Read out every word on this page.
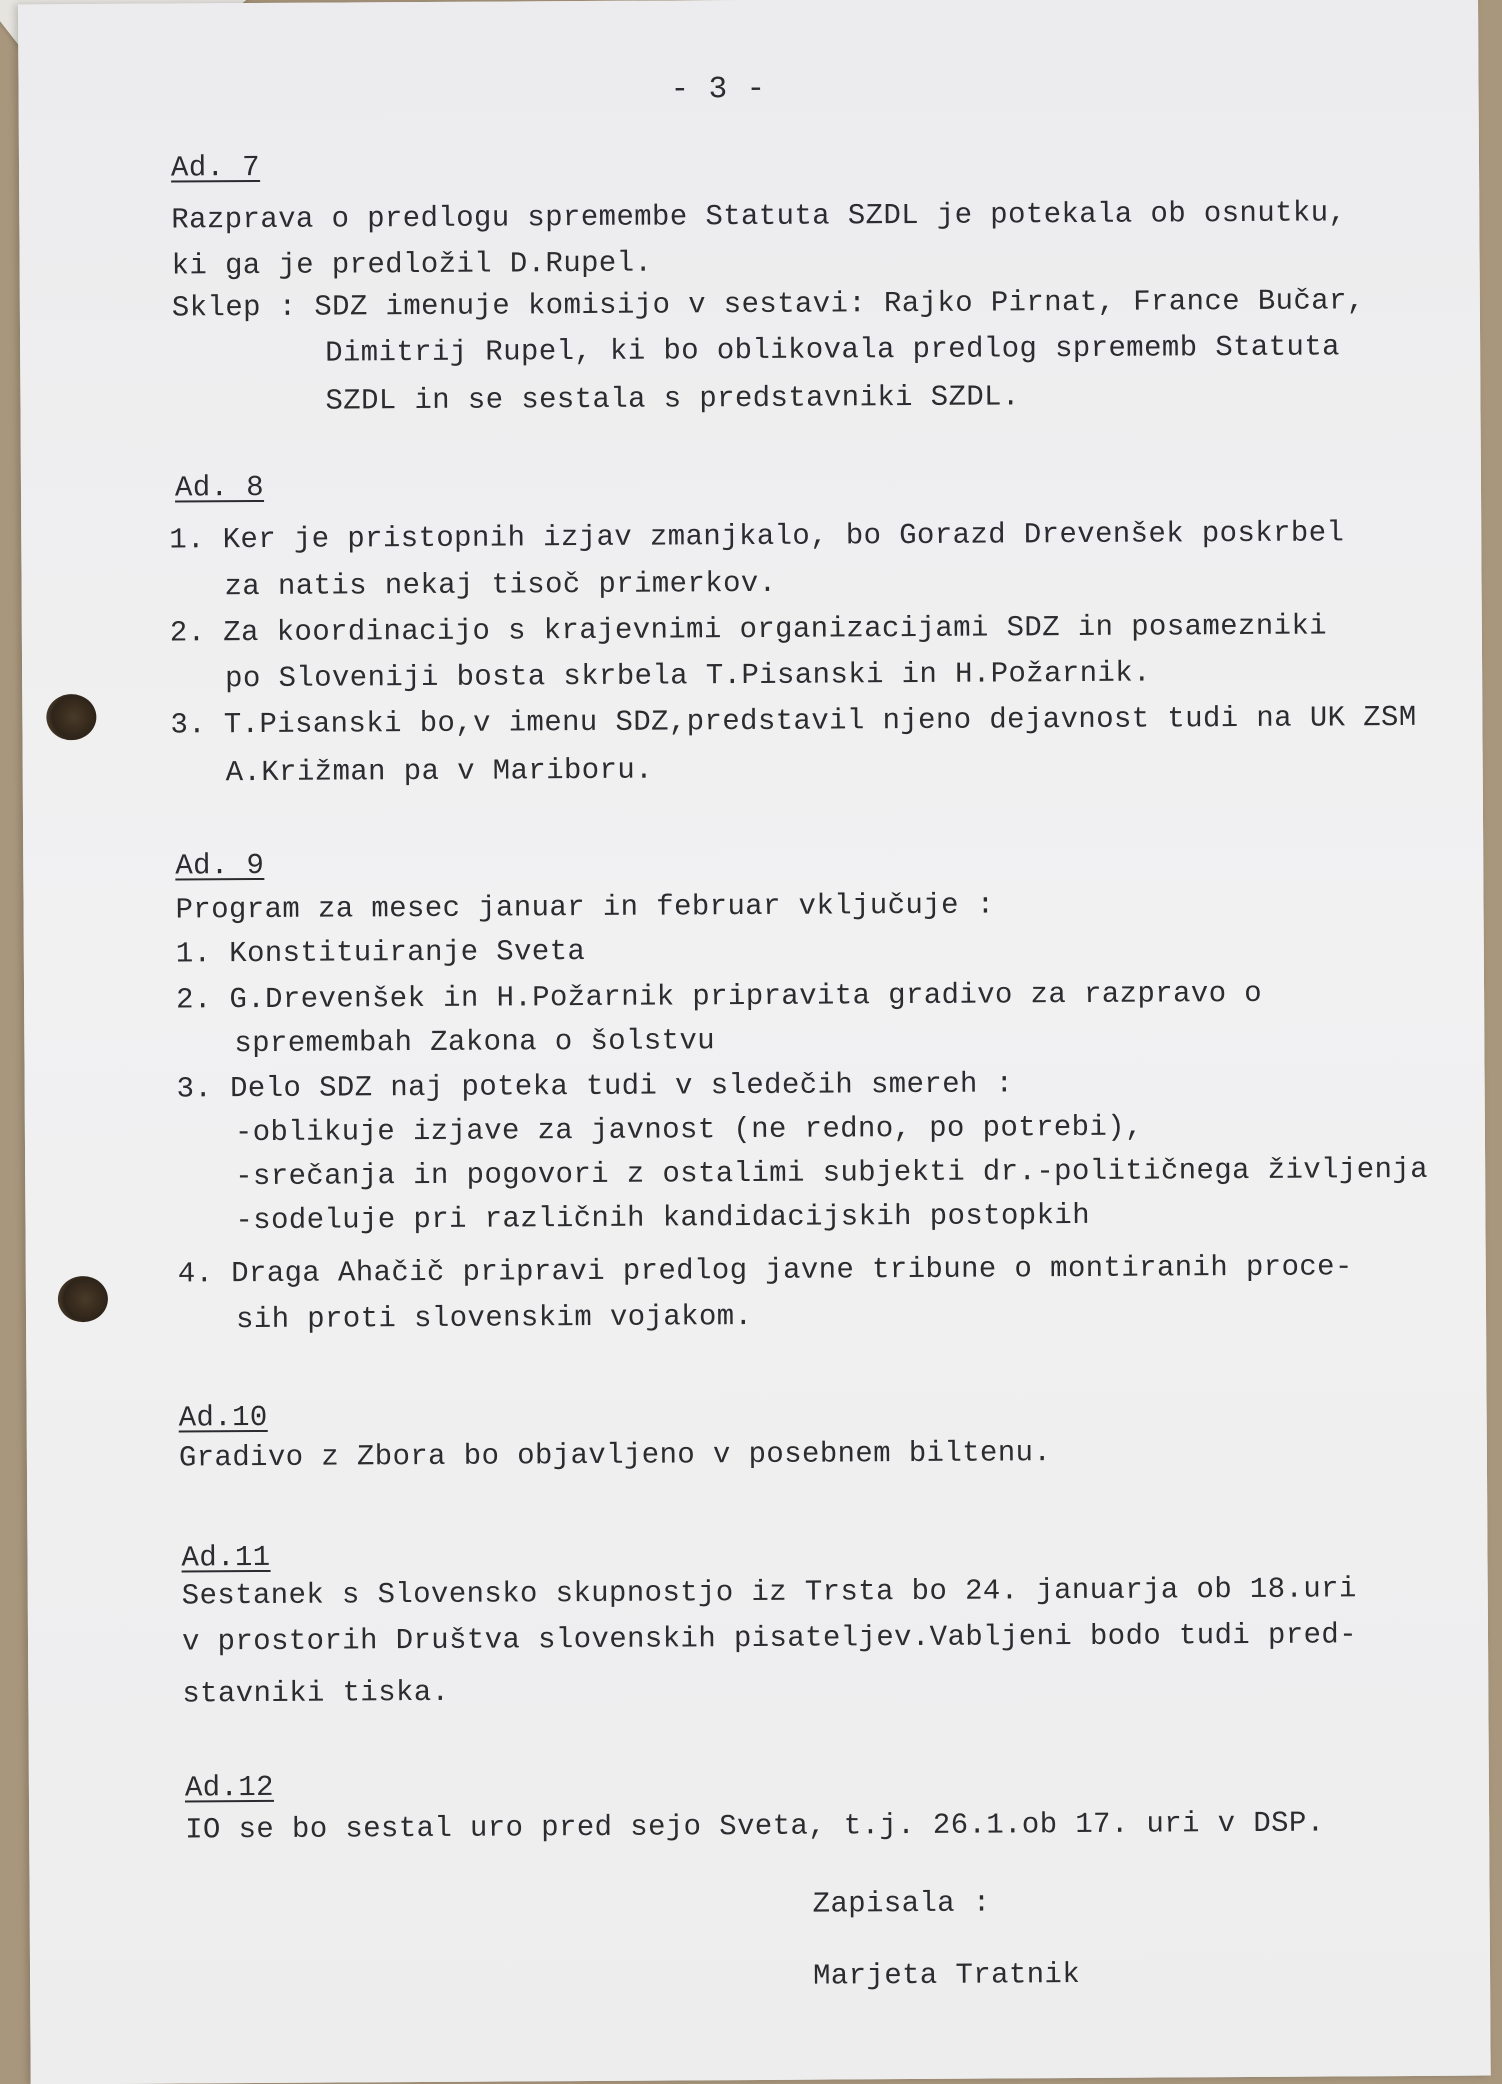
- 3 -
Ad. 7
Razprava o predlogu spremembe Statuta SZDL je potekala ob osnutku,
ki ga je predložil D.Rupel.
Sklep : SDZ imenuje komisijo v sestavi: Rajko Pirnat, France Bučar,
Dimitrij Rupel, ki bo oblikovala predlog sprememb Statuta
SZDL in se sestala s predstavniki SZDL.
Ad. 8
1. Ker je pristopnih izjav zmanjkalo, bo Gorazd Drevenšek poskrbel
za natis nekaj tisoč primerkov.
2. Za koordinacijo s krajevnimi organizacijami SDZ in posamezniki
po Sloveniji bosta skrbela T.Pisanski in H.Požarnik.
3. T.Pisanski bo,v imenu SDZ,predstavil njeno dejavnost tudi na UK ZSM
A.Križman pa v Mariboru.
Ad. 9
Program za mesec januar in februar vključuje :
1. Konstituiranje Sveta
2. G.Drevenšek in H.Požarnik pripravita gradivo za razpravo o
spremembah Zakona o šolstvu
3. Delo SDZ naj poteka tudi v sledečih smereh :
-oblikuje izjave za javnost (ne redno, po potrebi),
-srečanja in pogovori z ostalimi subjekti dr.-političnega življenja
-sodeluje pri različnih kandidacijskih postopkih
4. Draga Ahačič pripravi predlog javne tribune o montiranih proce-
sih proti slovenskim vojakom.
Ad.10
Gradivo z Zbora bo objavljeno v posebnem biltenu.
Ad.11
Sestanek s Slovensko skupnostjo iz Trsta bo 24. januarja ob 18.uri
v prostorih Društva slovenskih pisateljev.Vabljeni bodo tudi pred-
stavniki tiska.
Ad.12
IO se bo sestal uro pred sejo Sveta, t.j. 26.1.ob 17. uri v DSP.
Zapisala :
Marjeta Tratnik
